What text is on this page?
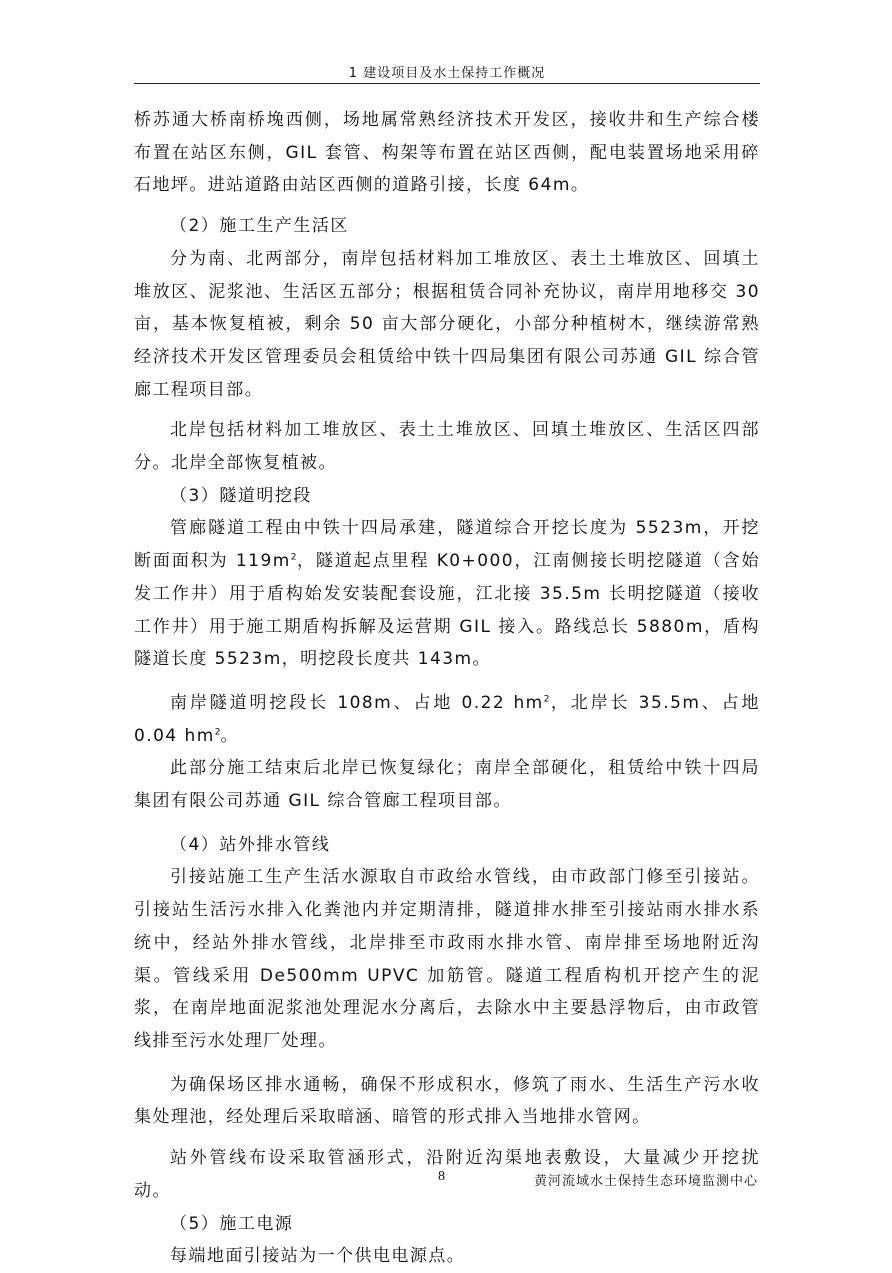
1 建设项目及水土保持工作概况

桥苏通大桥南桥堍西侧，场地属常熟经济技术开发区，接收井和生产综合楼布置在站区东侧，GIL 套管、构架等布置在站区西侧，配电装置场地采用碎石地坪。进站道路由站区西侧的道路引接，长度 64m。

（2）施工生产生活区

分为南、北两部分，南岸包括材料加工堆放区、表土土堆放区、回填土堆放区、泥浆池、生活区五部分；根据租赁合同补充协议，南岸用地移交 30 亩，基本恢复植被，剩余 50 亩大部分硬化，小部分种植树木，继续游常熟经济技术开发区管理委员会租赁给中铁十四局集团有限公司苏通 GIL 综合管廊工程项目部。

北岸包括材料加工堆放区、表土土堆放区、回填土堆放区、生活区四部分。北岸全部恢复植被。

（3）隧道明挖段

管廊隧道工程由中铁十四局承建，隧道综合开挖长度为 5523m，开挖断面面积为 $119m^2$，隧道起点里程 K0+000，江南侧接长明挖隧道（含始发工作井）用于盾构始发安装配套设施，江北接 35.5m 长明挖隧道（接收工作井）用于施工期盾构拆解及运营期 GIL 接入。路线总长 5880m，盾构隧道长度 5523m，明挖段长度共 143m。

南岸隧道明挖段长 108m、占地 0.22 $hm^2$，北岸长 35.5m、占地 0.04 $hm^2$。

此部分施工结束后北岸已恢复绿化；南岸全部硬化，租赁给中铁十四局集团有限公司苏通 GIL 综合管廊工程项目部。

（4）站外排水管线

引接站施工生产生活水源取自市政给水管线，由市政部门修至引接站。引接站生活污水排入化粪池内并定期清排，隧道排水排至引接站雨水排水系统中，经站外排水管线，北岸排至市政雨水排水管、南岸排至场地附近沟渠。管线采用 De500mm UPVC 加筋管。隧道工程盾构机开挖产生的泥浆，在南岸地面泥浆池处理泥水分离后，去除水中主要悬浮物后，由市政管线排至污水处理厂处理。

为确保场区排水通畅，确保不形成积水，修筑了雨水、生活生产污水收集处理池，经处理后采取暗涵、暗管的形式排入当地排水管网。

站外管线布设采取管涵形式，沿附近沟渠地表敷设，大量减少开挖扰动。

（5）施工电源

每端地面引接站为一个供电电源点。

8	黄河流域水土保持生态环境监测中心
